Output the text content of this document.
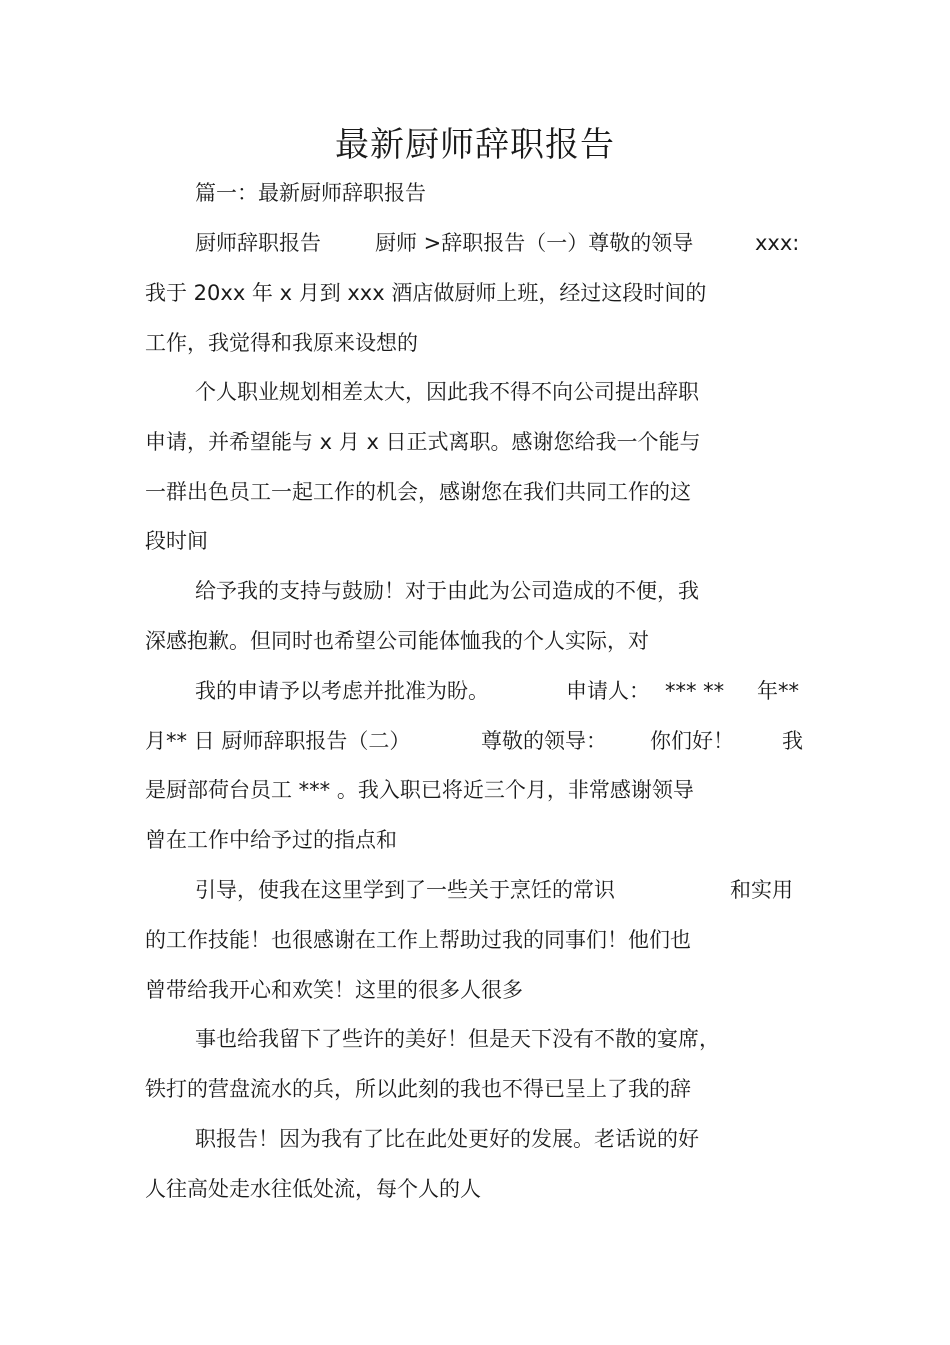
最新厨师辞职报告
篇一：最新厨师辞职报告
厨师辞职报告	厨师 >辞职报告（一）尊敬的领导	xxx:
我于 20xx 年 x 月到 xxx 酒店做厨师上班，经过这段时间的
工作，我觉得和我原来设想的
个人职业规划相差太大，因此我不得不向公司提出辞职
申请，并希望能与 x 月 x 日正式离职。感谢您给我一个能与
一群出色员工一起工作的机会，感谢您在我们共同工作的这
段时间
给予我的支持与鼓励！对于由此为公司造成的不便，我
深感抱歉。但同时也希望公司能体恤我的个人实际，对
我的申请予以考虑并批准为盼。	申请人： *** ** 年**
月** 日 厨师辞职报告（二）	尊敬的领导： 你们好！ 我
是厨部荷台员工 *** 。我入职已将近三个月，非常感谢领导
曾在工作中给予过的指点和
引导，使我在这里学到了一些关于烹饪的常识	和实用
的工作技能！也很感谢在工作上帮助过我的同事们！他们也
曾带给我开心和欢笑！这里的很多人很多
事也给我留下了些许的美好！但是天下没有不散的宴席，
铁打的营盘流水的兵，所以此刻的我也不得已呈上了我的辞
职报告！因为我有了比在此处更好的发展。老话说的好
人往高处走水往低处流，每个人的人
